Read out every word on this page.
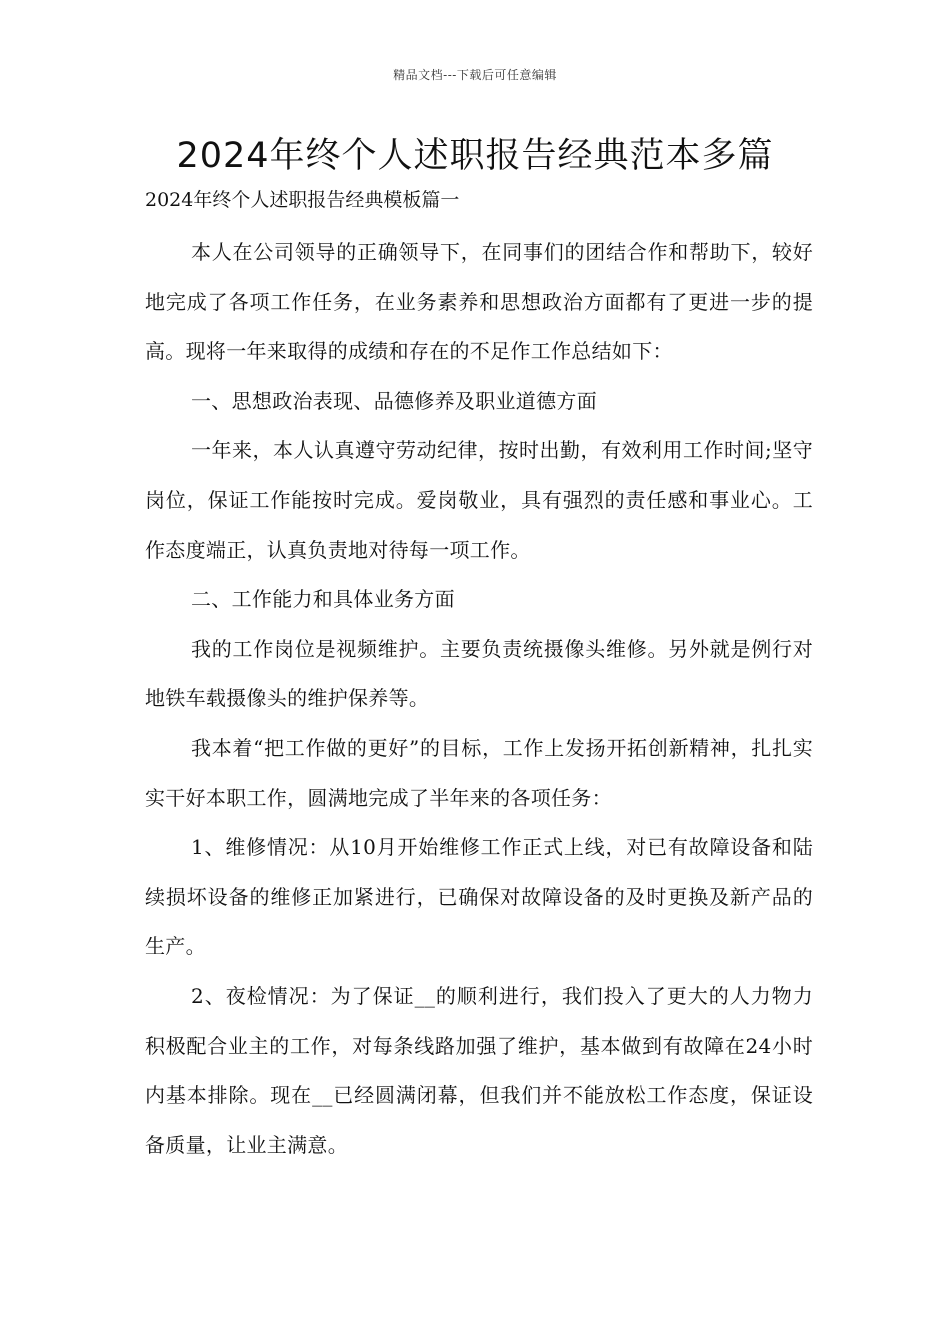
精品文档---下载后可任意编辑
2024年终个人述职报告经典范本多篇

2024年终个人述职报告经典模板篇一

本人在公司领导的正确领导下，在同事们的团结合作和帮助下，较好地完成了各项工作任务，在业务素养和思想政治方面都有了更进一步的提高。现将一年来取得的成绩和存在的不足作工作总结如下：

一、思想政治表现、品德修养及职业道德方面

一年来，本人认真遵守劳动纪律，按时出勤，有效利用工作时间;坚守岗位，保证工作能按时完成。爱岗敬业，具有强烈的责任感和事业心。工作态度端正，认真负责地对待每一项工作。

二、工作能力和具体业务方面

我的工作岗位是视频维护。主要负责统摄像头维修。另外就是例行对地铁车载摄像头的维护保养等。

我本着“把工作做的更好”的目标，工作上发扬开拓创新精神，扎扎实实干好本职工作，圆满地完成了半年来的各项任务：

1、维修情况：从10月开始维修工作正式上线，对已有故障设备和陆续损坏设备的维修正加紧进行，已确保对故障设备的及时更换及新产品的生产。

2、夜检情况：为了保证__的顺利进行，我们投入了更大的人力物力积极配合业主的工作，对每条线路加强了维护，基本做到有故障在24小时内基本排除。现在__已经圆满闭幕，但我们并不能放松工作态度，保证设备质量，让业主满意。
